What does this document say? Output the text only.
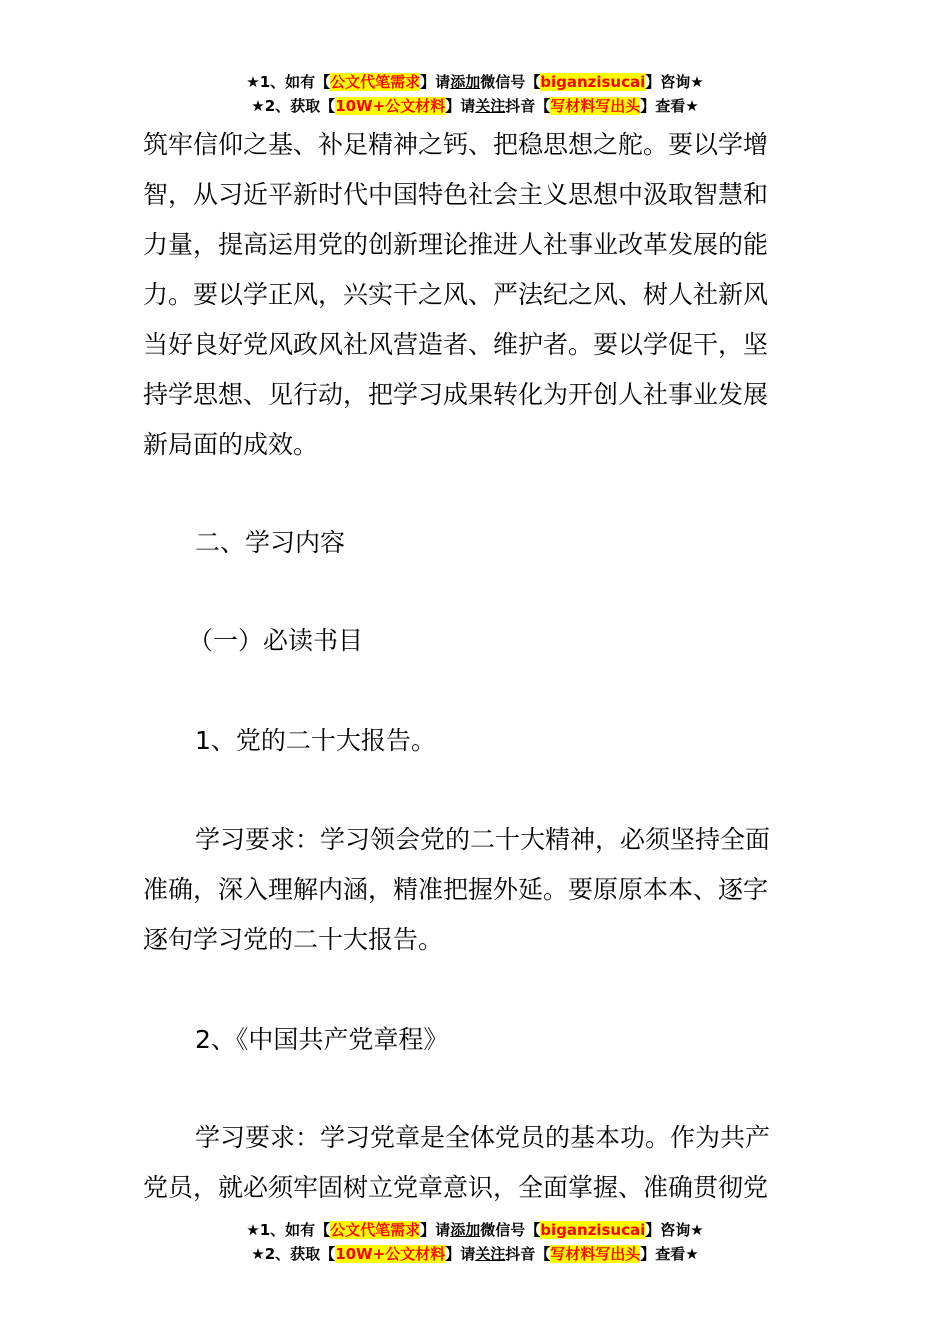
★1、如有【公文代笔需求】请添加微信号【biganzisucai】咨询★
★2、获取【10W+公文材料】请关注抖音【写材料写出头】查看★
筑牢信仰之基、补足精神之钙、把稳思想之舵。要以学增
智，从习近平新时代中国特色社会主义思想中汲取智慧和
力量，提高运用党的创新理论推进人社事业改革发展的能
力。要以学正风，兴实干之风、严法纪之风、树人社新风
当好良好党风政风社风营造者、维护者。要以学促干，坚
持学思想、见行动，把学习成果转化为开创人社事业发展
新局面的成效。
二、学习内容
（一）必读书目
1、党的二十大报告。
学习要求：学习领会党的二十大精神，必须坚持全面
准确，深入理解内涵，精准把握外延。要原原本本、逐字
逐句学习党的二十大报告。
2、《中国共产党章程》
学习要求：学习党章是全体党员的基本功。作为共产
党员，就必须牢固树立党章意识，全面掌握、准确贯彻党
★1、如有【公文代笔需求】请添加微信号【biganzisucai】咨询★
★2、获取【10W+公文材料】请关注抖音【写材料写出头】查看★
